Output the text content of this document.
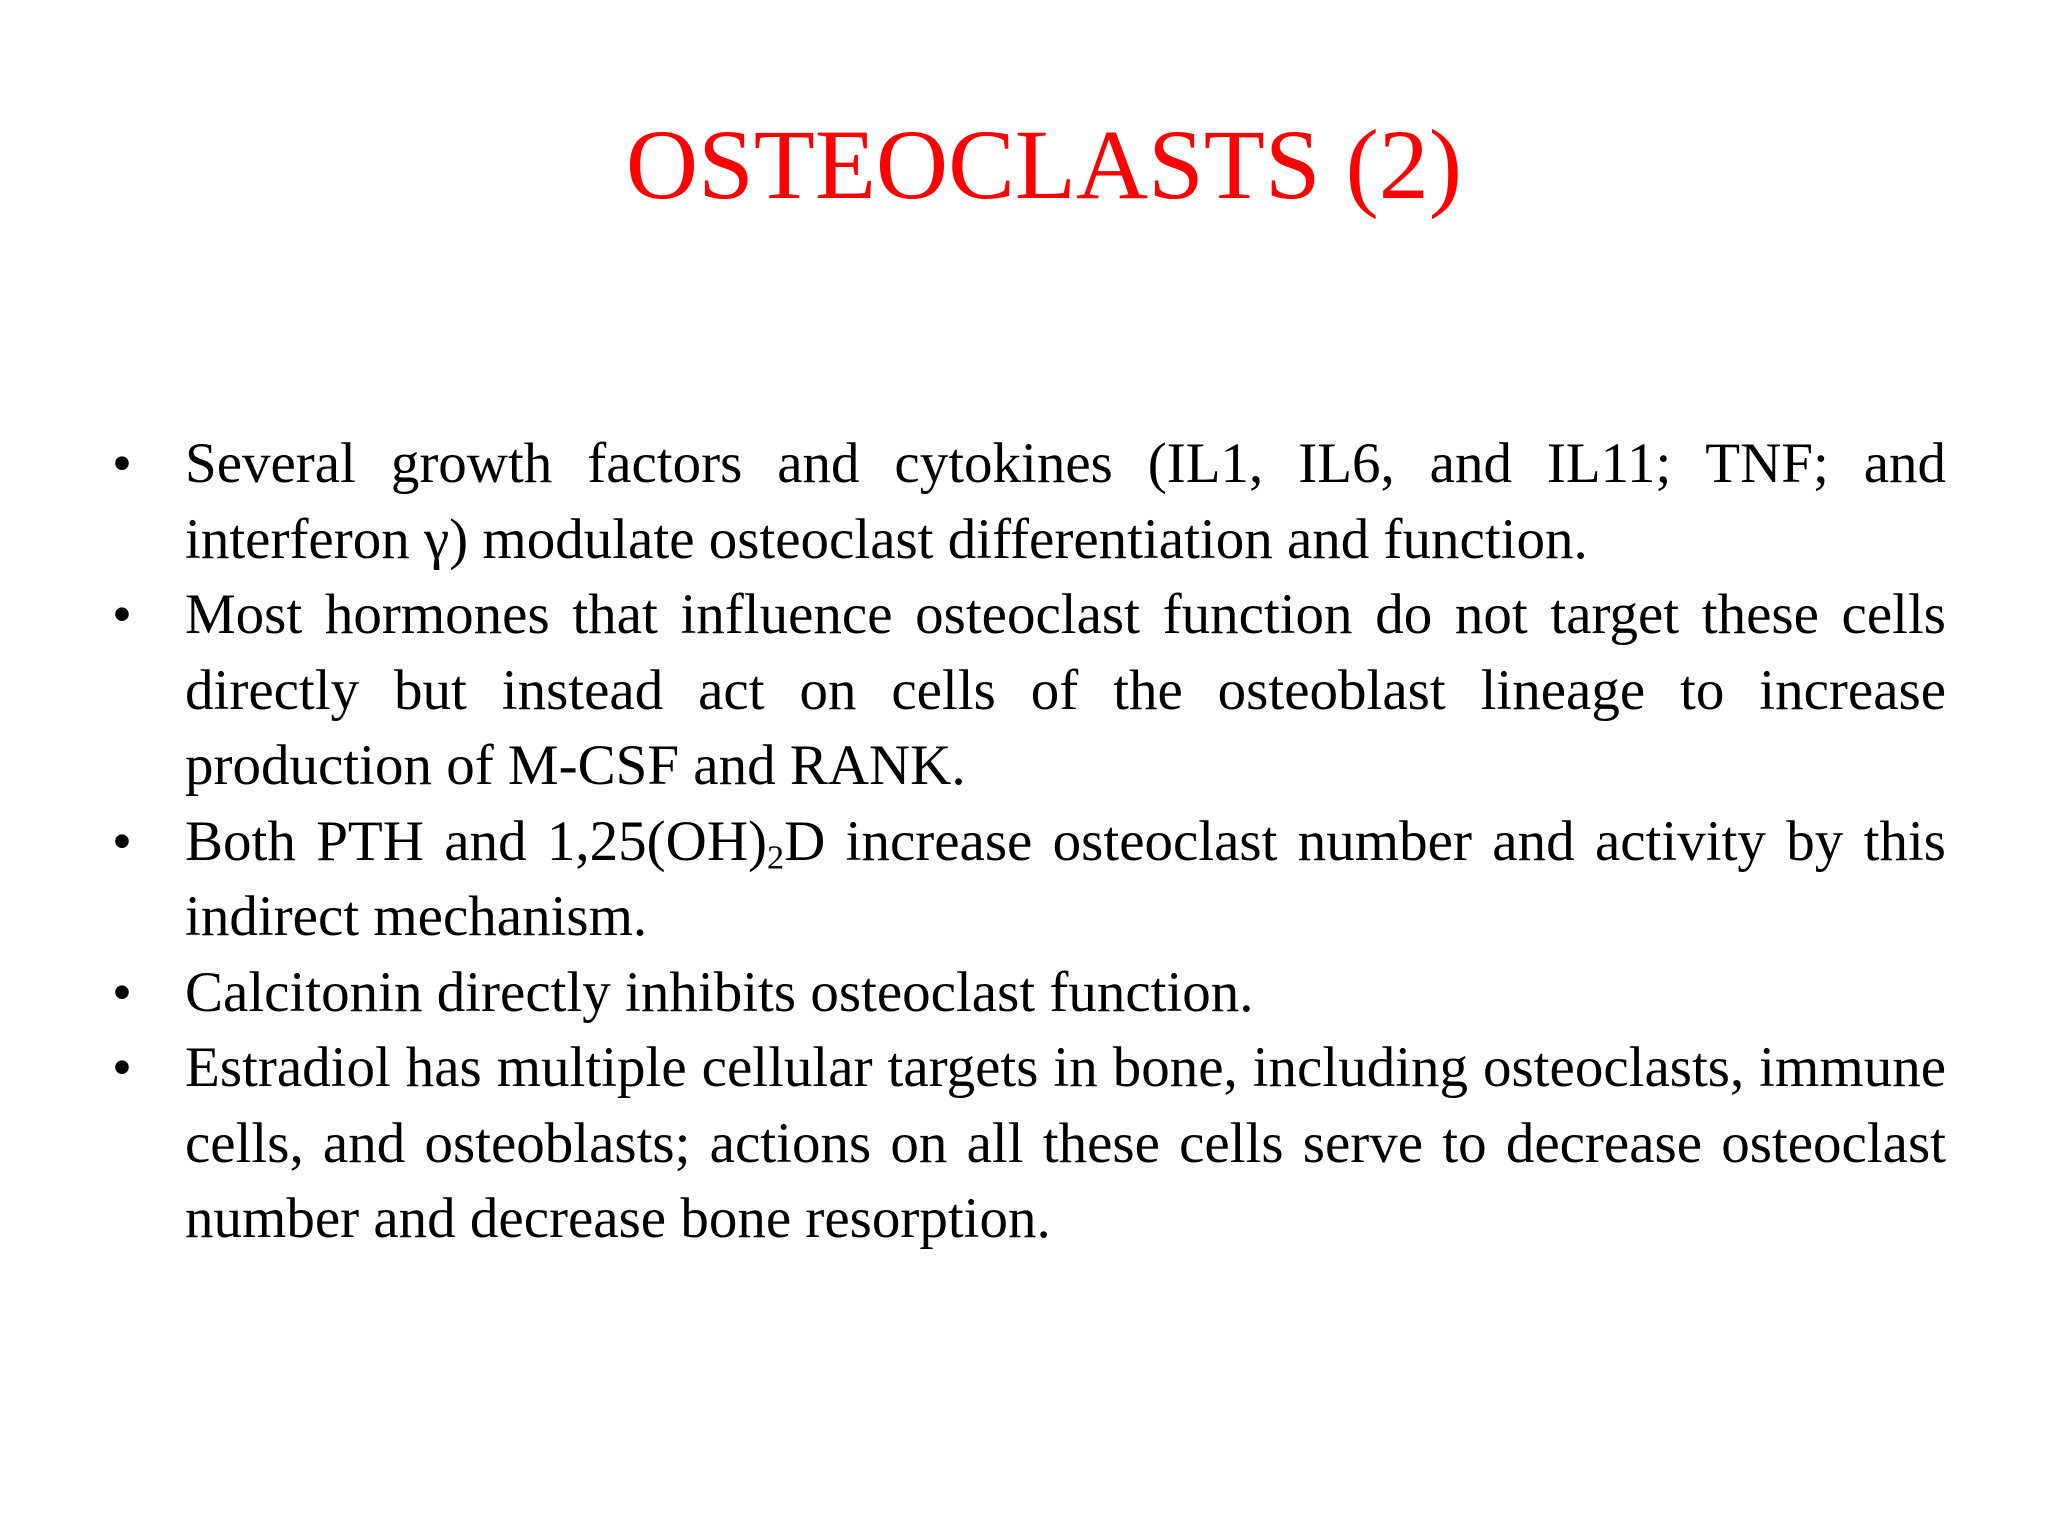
OSTEOCLASTS (2)
• Several growth factors and cytokines (IL1, IL6, and IL11; TNF; and interferon γ) modulate osteoclast differentiation and function.
• Most hormones that influence osteoclast function do not target these cells directly but instead act on cells of the osteoblast lineage to increase production of M-CSF and RANK.
• Both PTH and $1,25(OH)_2D$ increase osteoclast number and activity by this indirect mechanism.
• Calcitonin directly inhibits osteoclast function.
• Estradiol has multiple cellular targets in bone, including osteoclasts, immune cells, and osteoblasts; actions on all these cells serve to decrease osteoclast number and decrease bone resorption.
